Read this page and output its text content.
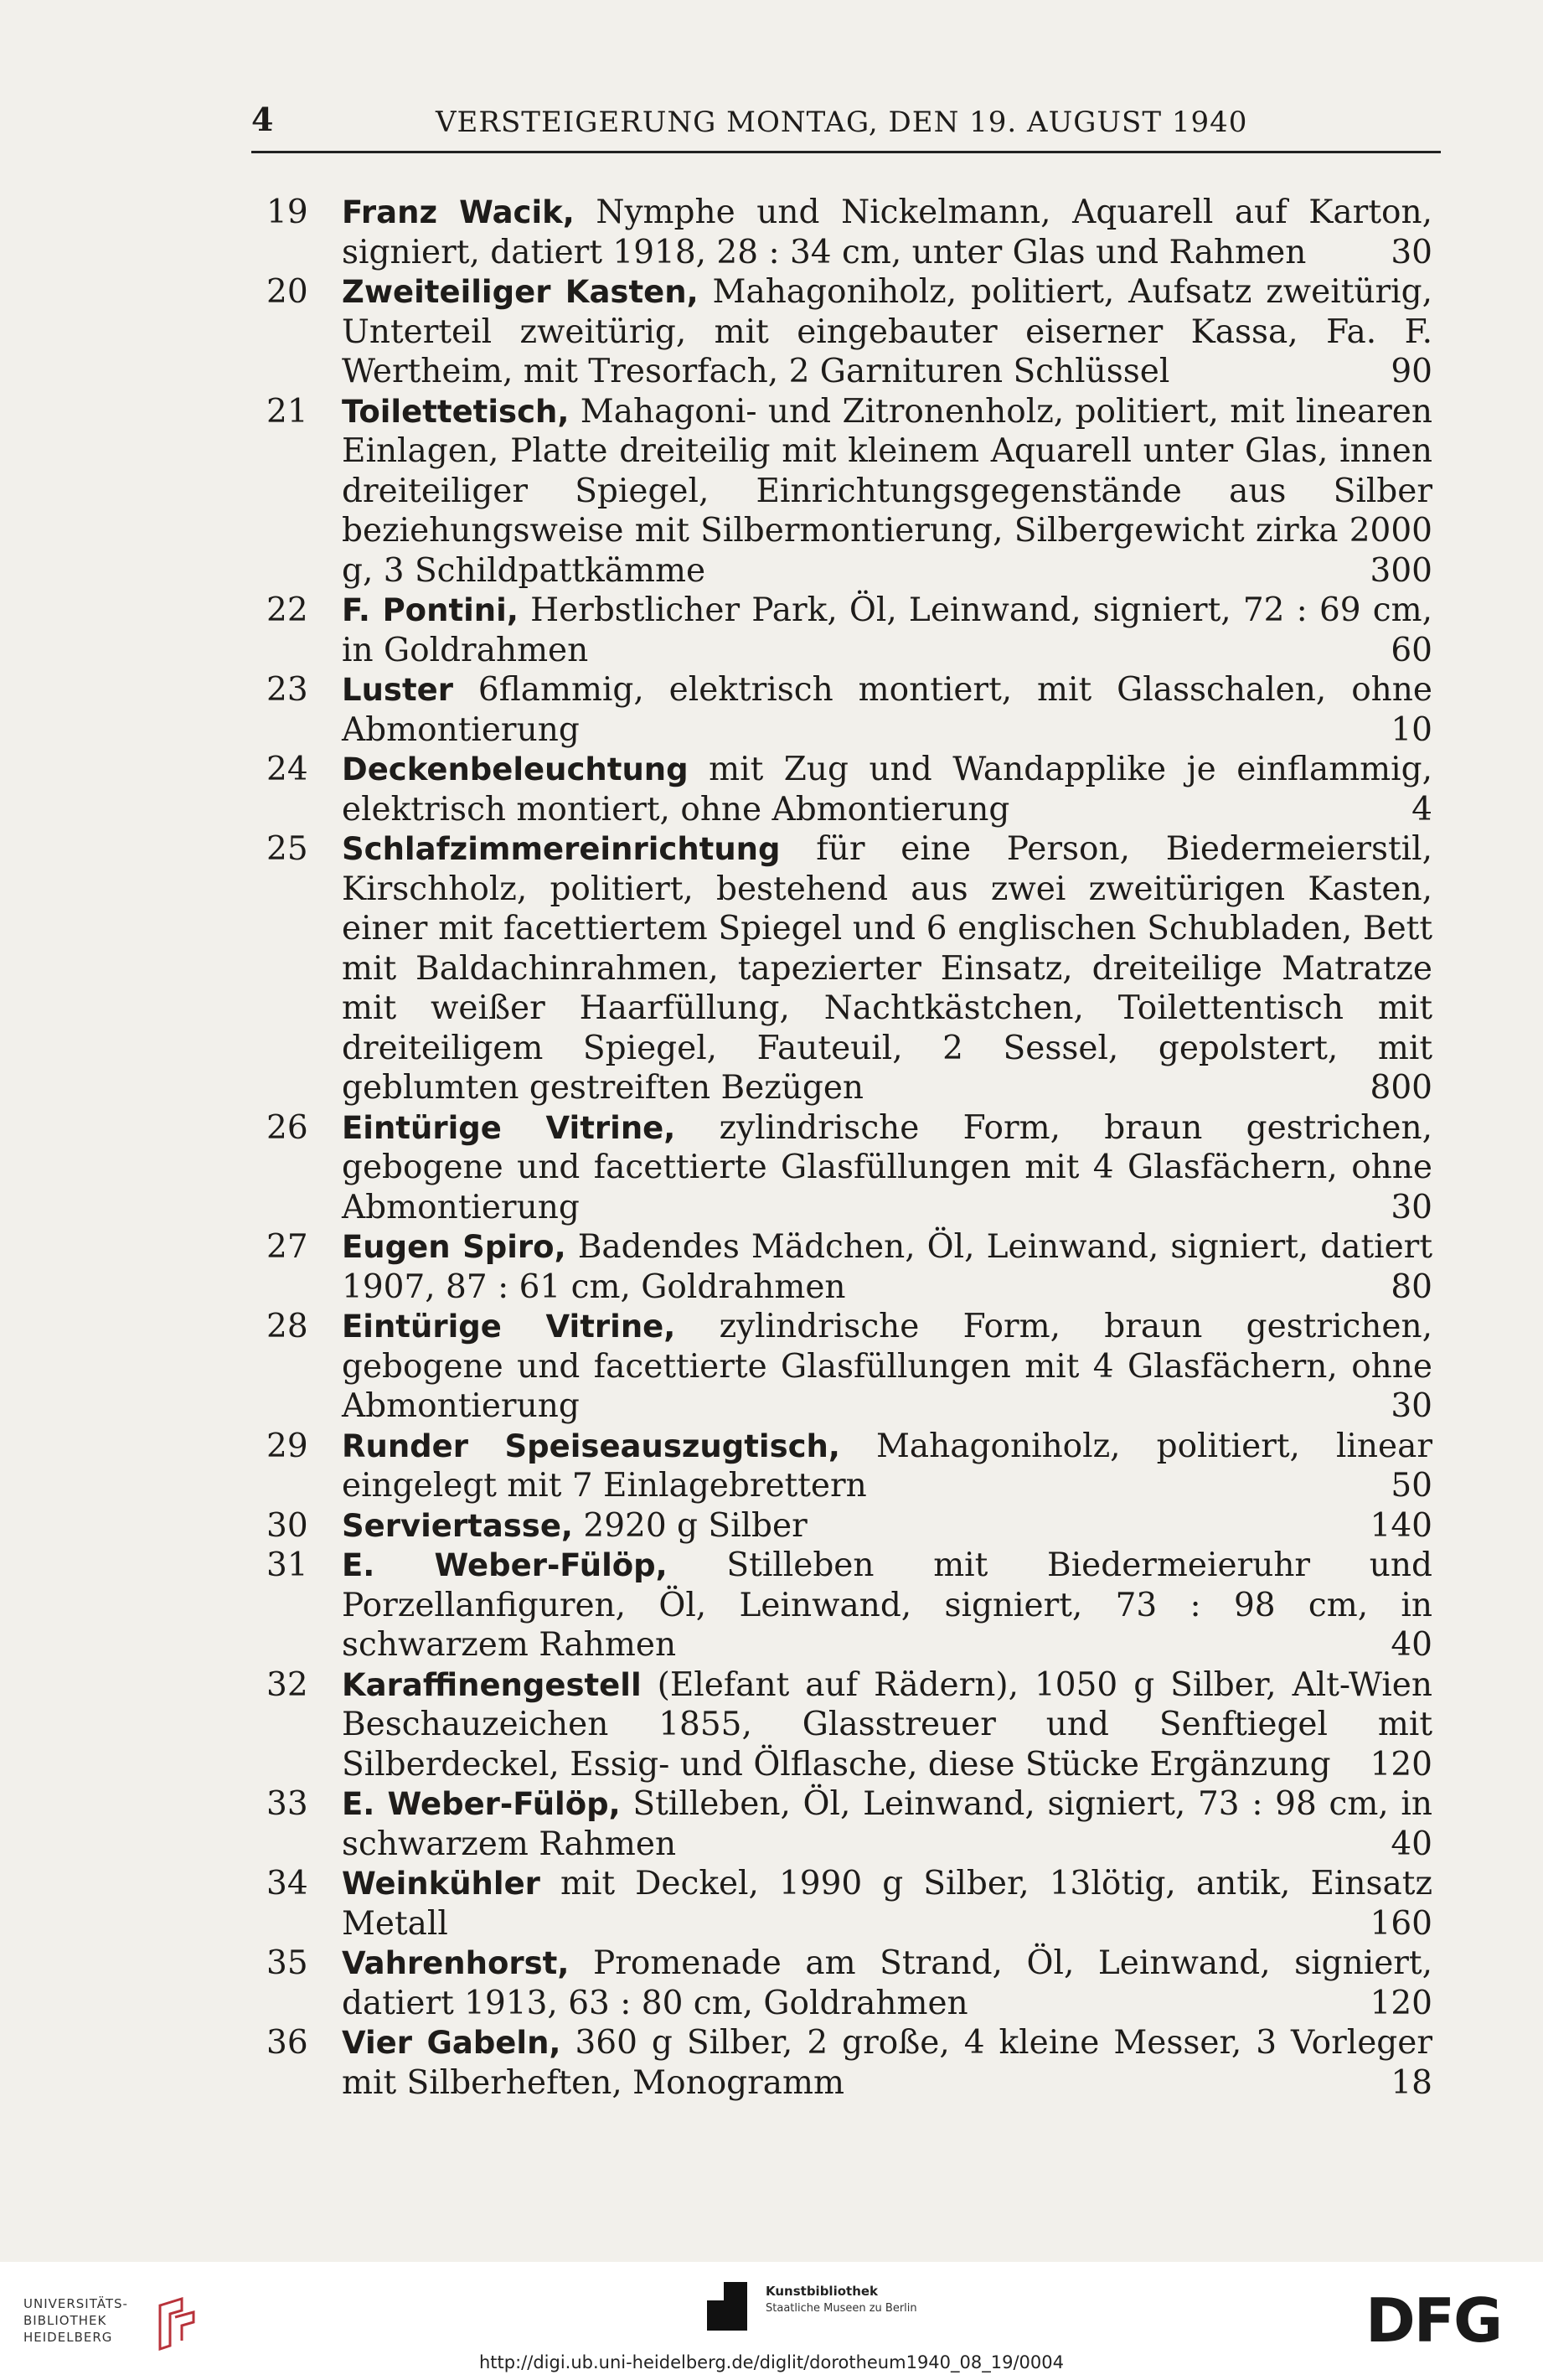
4	VERSTEIGERUNG MONTAG, DEN 19. AUGUST 1940
19 Franz Wacik, Nymphe und Nickelmann, Aquarell auf Karton, signiert, datiert 1918, 28 : 34 cm, unter Glas und Rahmen	30
20 Zweiteiliger Kasten, Mahagoniholz, politiert, Aufsatz zweitürig, Unterteil zweitürig, mit eingebauter eiserner Kassa, Fa. F. Wertheim, mit Tresorfach, 2 Garnituren Schlüssel	90
21 Toilettetisch, Mahagoni- und Zitronenholz, politiert, mit linearen Einlagen, Platte dreiteilig mit kleinem Aquarell unter Glas, innen dreiteiliger Spiegel, Einrichtungsgegenstände aus Silber beziehungsweise mit Silbermontierung, Silbergewicht zirka 2000 g, 3 Schildpattkämme	300
22 F. Pontini, Herbstlicher Park, Öl, Leinwand, signiert, 72 : 69 cm, in Goldrahmen	60
23 Luster 6flammig, elektrisch montiert, mit Glasschalen, ohne Abmontierung	10
24 Deckenbeleuchtung mit Zug und Wandapplike je einflammig, elektrisch montiert, ohne Abmontierung	4
25 Schlafzimmereinrichtung für eine Person, Biedermeierstil, Kirschholz, politiert, bestehend aus zwei zweitürigen Kasten, einer mit facettiertem Spiegel und 6 englischen Schubladen, Bett mit Baldachinrahmen, tapezierter Einsatz, dreiteilige Matratze mit weißer Haarfüllung, Nachtkästchen, Toilettentisch mit dreiteiligem Spiegel, Fauteuil, 2 Sessel, gepolstert, mit geblumten gestreiften Bezügen	800
26 Eintürige Vitrine, zylindrische Form, braun gestrichen, gebogene und facettierte Glasfüllungen mit 4 Glasfächern, ohne Abmontierung	30
27 Eugen Spiro, Badendes Mädchen, Öl, Leinwand, signiert, datiert 1907, 87 : 61 cm, Goldrahmen	80
28 Eintürige Vitrine, zylindrische Form, braun gestrichen, gebogene und facettierte Glasfüllungen mit 4 Glasfächern, ohne Abmontierung	30
29 Runder Speiseauszugtisch, Mahagoniholz, politiert, linear eingelegt mit 7 Einlagebrettern	50
30 Serviertasse, 2920 g Silber	140
31 E. Weber-Fülöp, Stilleben mit Biedermeieruhr und Porzellanfiguren, Öl, Leinwand, signiert, 73 : 98 cm, in schwarzem Rahmen	40
32 Karaffinengestell (Elefant auf Rädern), 1050 g Silber, Alt-Wien Beschauzeichen 1855, Glasstreuer und Senftiegel mit Silberdeckel, Essig- und Ölflasche, diese Stücke Ergänzung 120
33 E. Weber-Fülöp, Stilleben, Öl, Leinwand, signiert, 73 : 98 cm, in schwarzem Rahmen	40
34 Weinkühler mit Deckel, 1990 g Silber, 13lötig, antik, Einsatz Metall	160
35 Vahrenhorst, Promenade am Strand, Öl, Leinwand, signiert, datiert 1913, 63 : 80 cm, Goldrahmen	120
36 Vier Gabeln, 360 g Silber, 2 große, 4 kleine Messer, 3 Vorleger mit Silberheften, Monogramm	18
UNIVERSITÄTS-
BIBLIOTHEK
HEIDELBERG
Kunstbibliothek
Staatliche Museen zu Berlin	DFG
http://digi.ub.uni-heidelberg.de/diglit/dorotheum1940_08_19/0004
